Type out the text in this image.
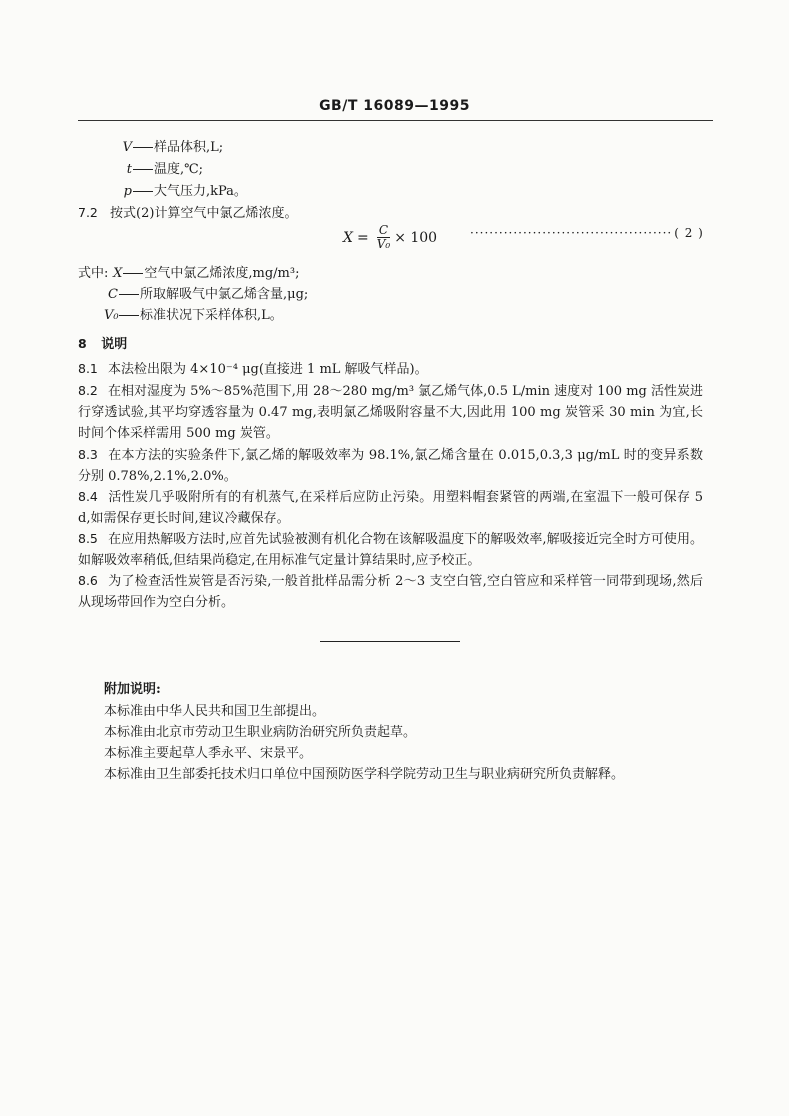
GB/T 16089—1995
V 样品体积,L;
t 温度,℃;
p 大气压力,kPa。
7.2 按式(2)计算空气中氯乙烯浓度。
$X = \frac{C}{\text{V₀}} \times 100$	·········································· ( 2 )
式中: X 空气中氯乙烯浓度,mg/m³;
C 所取解吸气中氯乙烯含量,μg;
V₀ 标准状况下采样体积,L。
8 说明
8.1 本法检出限为 4×10⁻⁴ μg(直接进 1 mL 解吸气样品)。
8.2 在相对湿度为 5%～85%范围下,用 28～280 mg/m³ 氯乙烯气体,0.5 L/min 速度对 100 mg 活性炭进行穿透试验,其平均穿透容量为 0.47 mg,表明氯乙烯吸附容量不大,因此用 100 mg 炭管采 30 min 为宜,长时间个体采样需用 500 mg 炭管。
8.3 在本方法的实验条件下,氯乙烯的解吸效率为 98.1%,氯乙烯含量在 0.015,0.3,3 μg/mL 时的变异系数分别 0.78%,2.1%,2.0%。
8.4 活性炭几乎吸附所有的有机蒸气,在采样后应防止污染。用塑料帽套紧管的两端,在室温下一般可保存 5 d,如需保存更长时间,建议冷藏保存。
8.5 在应用热解吸方法时,应首先试验被测有机化合物在该解吸温度下的解吸效率,解吸接近完全时方可使用。如解吸效率稍低,但结果尚稳定,在用标准气定量计算结果时,应予校正。
8.6 为了检查活性炭管是否污染,一般首批样品需分析 2～3 支空白管,空白管应和采样管一同带到现场,然后从现场带回作为空白分析。
附加说明:
本标准由中华人民共和国卫生部提出。
本标准由北京市劳动卫生职业病防治研究所负责起草。
本标准主要起草人季永平、宋景平。
本标准由卫生部委托技术归口单位中国预防医学科学院劳动卫生与职业病研究所负责解释。
